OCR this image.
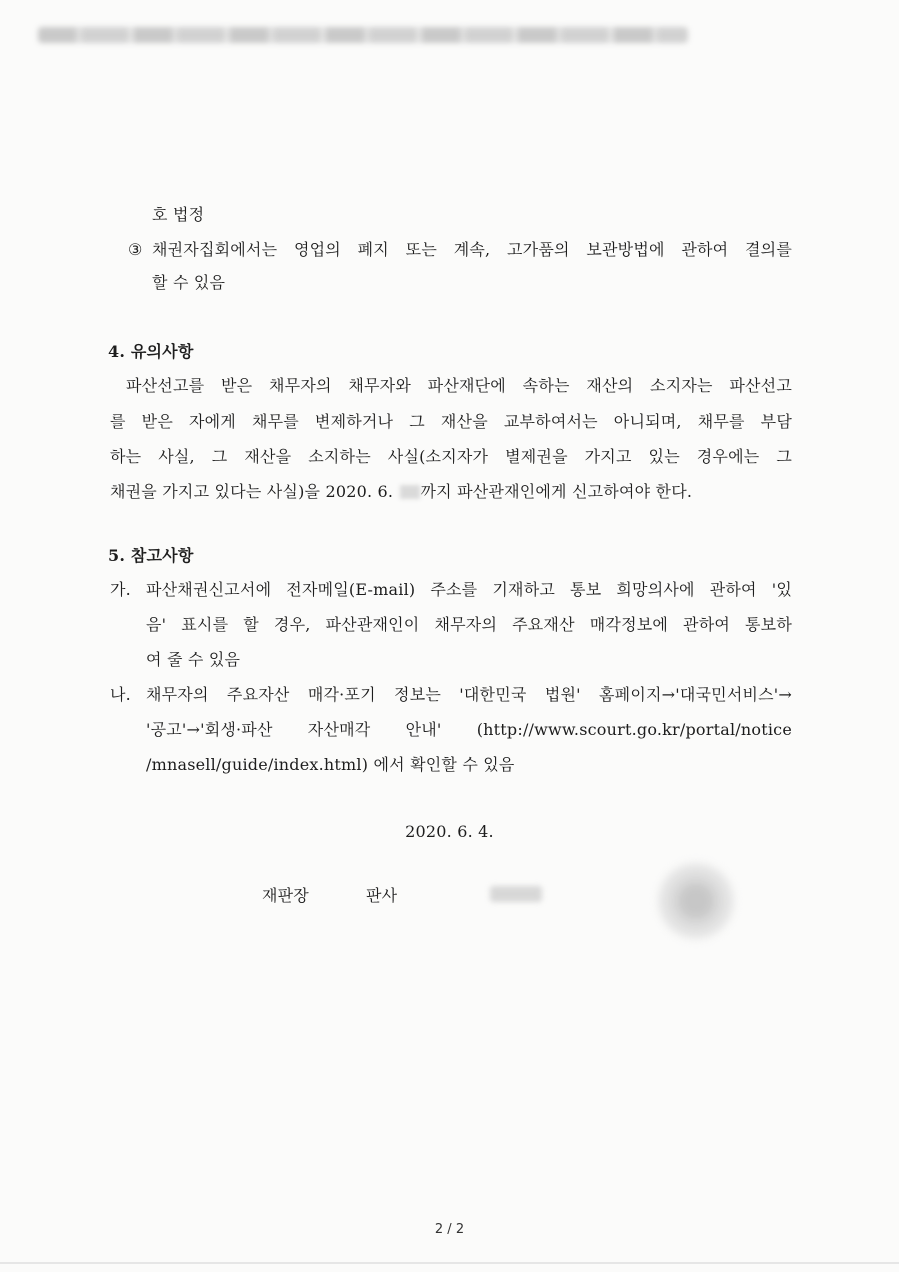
호 법정
③ 채권자집회에서는 영업의 폐지 또는 계속, 고가품의 보관방법에 관하여 결의를
할 수 있음
4. 유의사항
파산선고를 받은 채무자의 채무자와 파산재단에 속하는 재산의 소지자는 파산선고
를 받은 자에게 채무를 변제하거나 그 재산을 교부하여서는 아니되며, 채무를 부담
하는 사실, 그 재산을 소지하는 사실(소지자가 별제권을 가지고 있는 경우에는 그
채권을 가지고 있다는 사실)을 2020. 6. 까지 파산관재인에게 신고하여야 한다.
5. 참고사항
가. 파산채권신고서에 전자메일(E-mail) 주소를 기재하고 통보 희망의사에 관하여 '있
음' 표시를 할 경우, 파산관재인이 채무자의 주요재산 매각정보에 관하여 통보하
여 줄 수 있음
나. 채무자의 주요자산 매각·포기 정보는 '대한민국 법원' 홈페이지→'대국민서비스'→
'공고'→'회생·파산 자산매각 안내' (http://www.scourt.go.kr/portal/notice
/mnasell/guide/index.html) 에서 확인할 수 있음
2020. 6. 4.
재판장	판사
2 / 2
